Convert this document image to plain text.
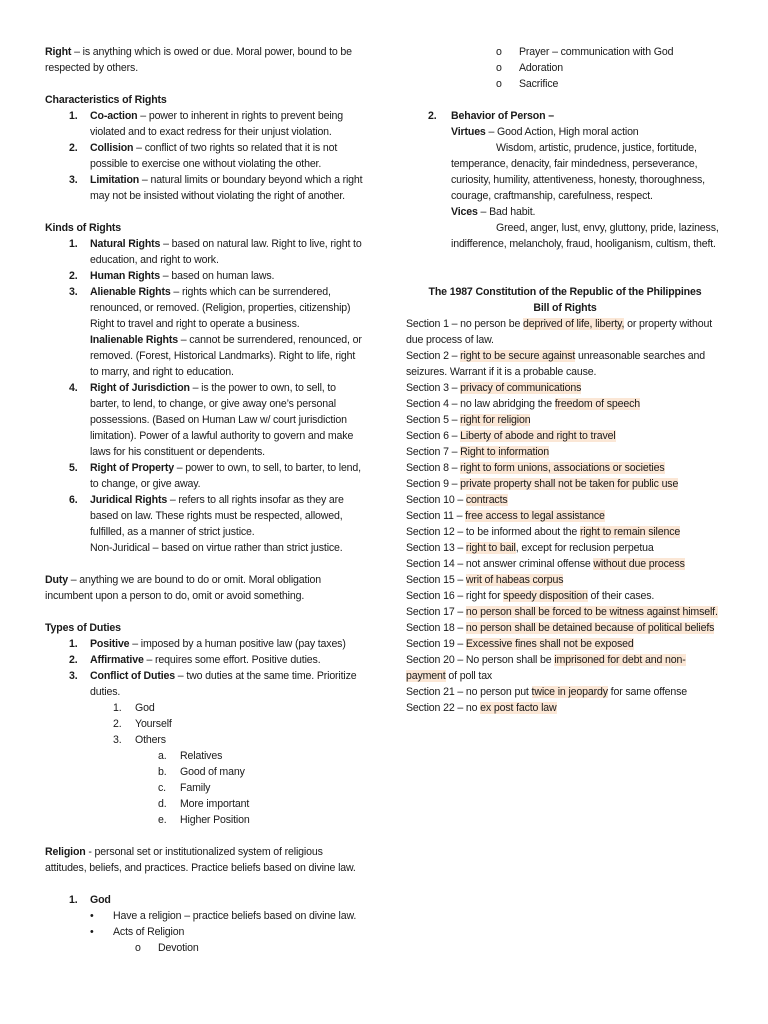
Right – is anything which is owed or due. Moral power, bound to be respected by others.

Characteristics of Rights

1. Co-action – power to inherent in rights to prevent being violated and to exact redress for their unjust violation.

2. Collision – conflict of two rights so related that it is not possible to exercise one without violating the other.

3. Limitation – natural limits or boundary beyond which a right may not be insisted without violating the right of another.

Kinds of Rights

1. Natural Rights – based on natural law. Right to live, right to education, and right to work.

2. Human Rights – based on human laws.

3. Alienable Rights – rights which can be surrendered, renounced, or removed. (Religion, properties, citizenship) Right to travel and right to operate a business.

Inalienable Rights – cannot be surrendered, renounced, or removed. (Forest, Historical Landmarks). Right to life, right to marry, and right to education.

4. Right of Jurisdiction – is the power to own, to sell, to barter, to lend, to change, or give away one’s personal possessions. (Based on Human Law w/ court jurisdiction limitation). Power of a lawful authority to govern and make laws for his constituent or dependents.

5. Right of Property – power to own, to sell, to barter, to lend, to change, or give away.

6. Juridical Rights – refers to all rights insofar as they are based on law. These rights must be respected, allowed, fulfilled, as a manner of strict justice.

Non-Juridical – based on virtue rather than strict justice.

Duty – anything we are bound to do or omit. Moral obligation incumbent upon a person to do, omit or avoid something.

Types of Duties

1. Positive – imposed by a human positive law (pay taxes)

2. Affirmative – requires some effort. Positive duties.

3. Conflict of Duties – two duties at the same time. Prioritize duties.

1. God

2. Yourself

3. Others

a. Relatives

b. Good of many

c. Family

d. More important

e. Higher Position

Religion - personal set or institutionalized system of religious attitudes, beliefs, and practices. Practice beliefs based on divine law.

1. God

• Have a religion – practice beliefs based on divine law.

• Acts of Religion

o Devotion

o Prayer – communication with God

o Adoration

o Sacrifice

2. Behavior of Person –

Virtues – Good Action, High moral action

Wisdom, artistic, prudence, justice, fortitude, temperance, denacity, fair mindedness, perseverance, curiosity, humility, attentiveness, honesty, thoroughness, courage, craftmanship, carefulness, respect.

Vices – Bad habit.

Greed, anger, lust, envy, gluttony, pride, laziness, indifference, melancholy, fraud, hooliganism, cultism, theft.

The 1987 Constitution of the Republic of the Philippines

Bill of Rights

Section 1 – no person be deprived of life, liberty, or property without due process of law.

Section 2 – right to be secure against unreasonable searches and seizures. Warrant if it is a probable cause.

Section 3 – privacy of communications

Section 4 – no law abridging the freedom of speech

Section 5 – right for religion

Section 6 – Liberty of abode and right to travel

Section 7 – Right to information

Section 8 – right to form unions, associations or societies

Section 9 – private property shall not be taken for public use

Section 10 – contracts

Section 11 – free access to legal assistance

Section 12 – to be informed about the right to remain silence

Section 13 – right to bail, except for reclusion perpetua

Section 14 – not answer criminal offense without due process

Section 15 – writ of habeas corpus

Section 16 – right for speedy disposition of their cases.

Section 17 – no person shall be forced to be witness against himself.

Section 18 – no person shall be detained because of political beliefs

Section 19 – Excessive fines shall not be exposed

Section 20 – No person shall be imprisoned for debt and non-payment of poll tax

Section 21 – no person put twice in jeopardy for same offense

Section 22 – no ex post facto law
